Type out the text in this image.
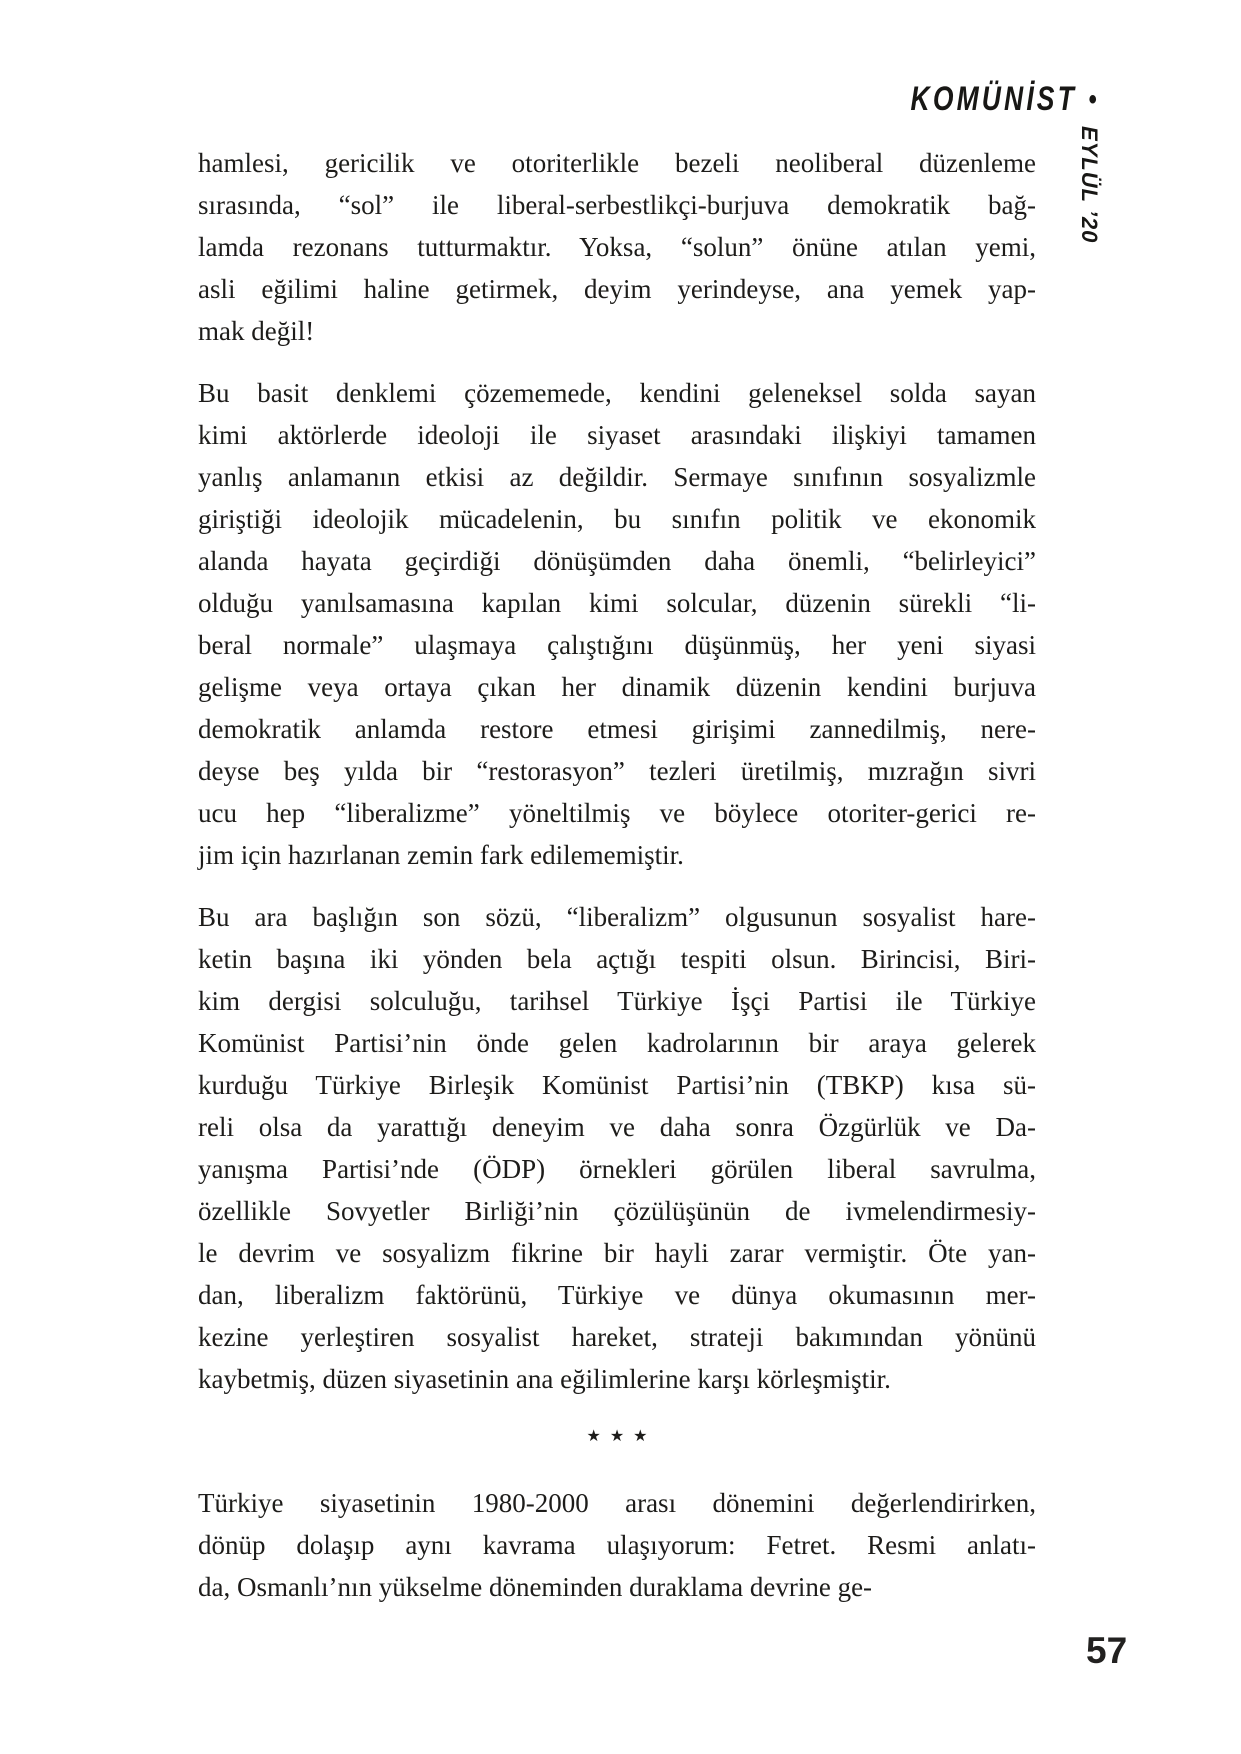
KOMÜNİST •
EYLÜL ’20
hamlesi, gericilik ve otoriterlikle bezeli neoliberal düzenleme
sırasında, “sol” ile liberal-serbestlikçi-burjuva demokratik bağ-
lamda rezonans tutturmaktır. Yoksa, “solun” önüne atılan yemi,
asli eğilimi haline getirmek, deyim yerindeyse, ana yemek yap-
mak değil!
Bu basit denklemi çözememede, kendini geleneksel solda sayan
kimi aktörlerde ideoloji ile siyaset arasındaki ilişkiyi tamamen
yanlış anlamanın etkisi az değildir. Sermaye sınıfının sosyalizmle
giriştiği ideolojik mücadelenin, bu sınıfın politik ve ekonomik
alanda hayata geçirdiği dönüşümden daha önemli, “belirleyici”
olduğu yanılsamasına kapılan kimi solcular, düzenin sürekli “li-
beral normale” ulaşmaya çalıştığını düşünmüş, her yeni siyasi
gelişme veya ortaya çıkan her dinamik düzenin kendini burjuva
demokratik anlamda restore etmesi girişimi zannedilmiş, nere-
deyse beş yılda bir “restorasyon” tezleri üretilmiş, mızrağın sivri
ucu hep “liberalizme” yöneltilmiş ve böylece otoriter-gerici re-
jim için hazırlanan zemin fark edilememiştir.
Bu ara başlığın son sözü, “liberalizm” olgusunun sosyalist hare-
ketin başına iki yönden bela açtığı tespiti olsun. Birincisi, Biri-
kim dergisi solculuğu, tarihsel Türkiye İşçi Partisi ile Türkiye
Komünist Partisi’nin önde gelen kadrolarının bir araya gelerek
kurduğu Türkiye Birleşik Komünist Partisi’nin (TBKP) kısa sü-
reli olsa da yarattığı deneyim ve daha sonra Özgürlük ve Da-
yanışma Partisi’nde (ÖDP) örnekleri görülen liberal savrulma,
özellikle Sovyetler Birliği’nin çözülüşünün de ivmelendirmesiy-
le devrim ve sosyalizm fikrine bir hayli zarar vermiştir. Öte yan-
dan, liberalizm faktörünü, Türkiye ve dünya okumasının mer-
kezine yerleştiren sosyalist hareket, strateji bakımından yönünü
kaybetmiş, düzen siyasetinin ana eğilimlerine karşı körleşmiştir.
★★★
Türkiye siyasetinin 1980-2000 arası dönemini değerlendirirken,
dönüp dolaşıp aynı kavrama ulaşıyorum: Fetret. Resmi anlatı-
da, Osmanlı’nın yükselme döneminden duraklama devrine ge-
57
